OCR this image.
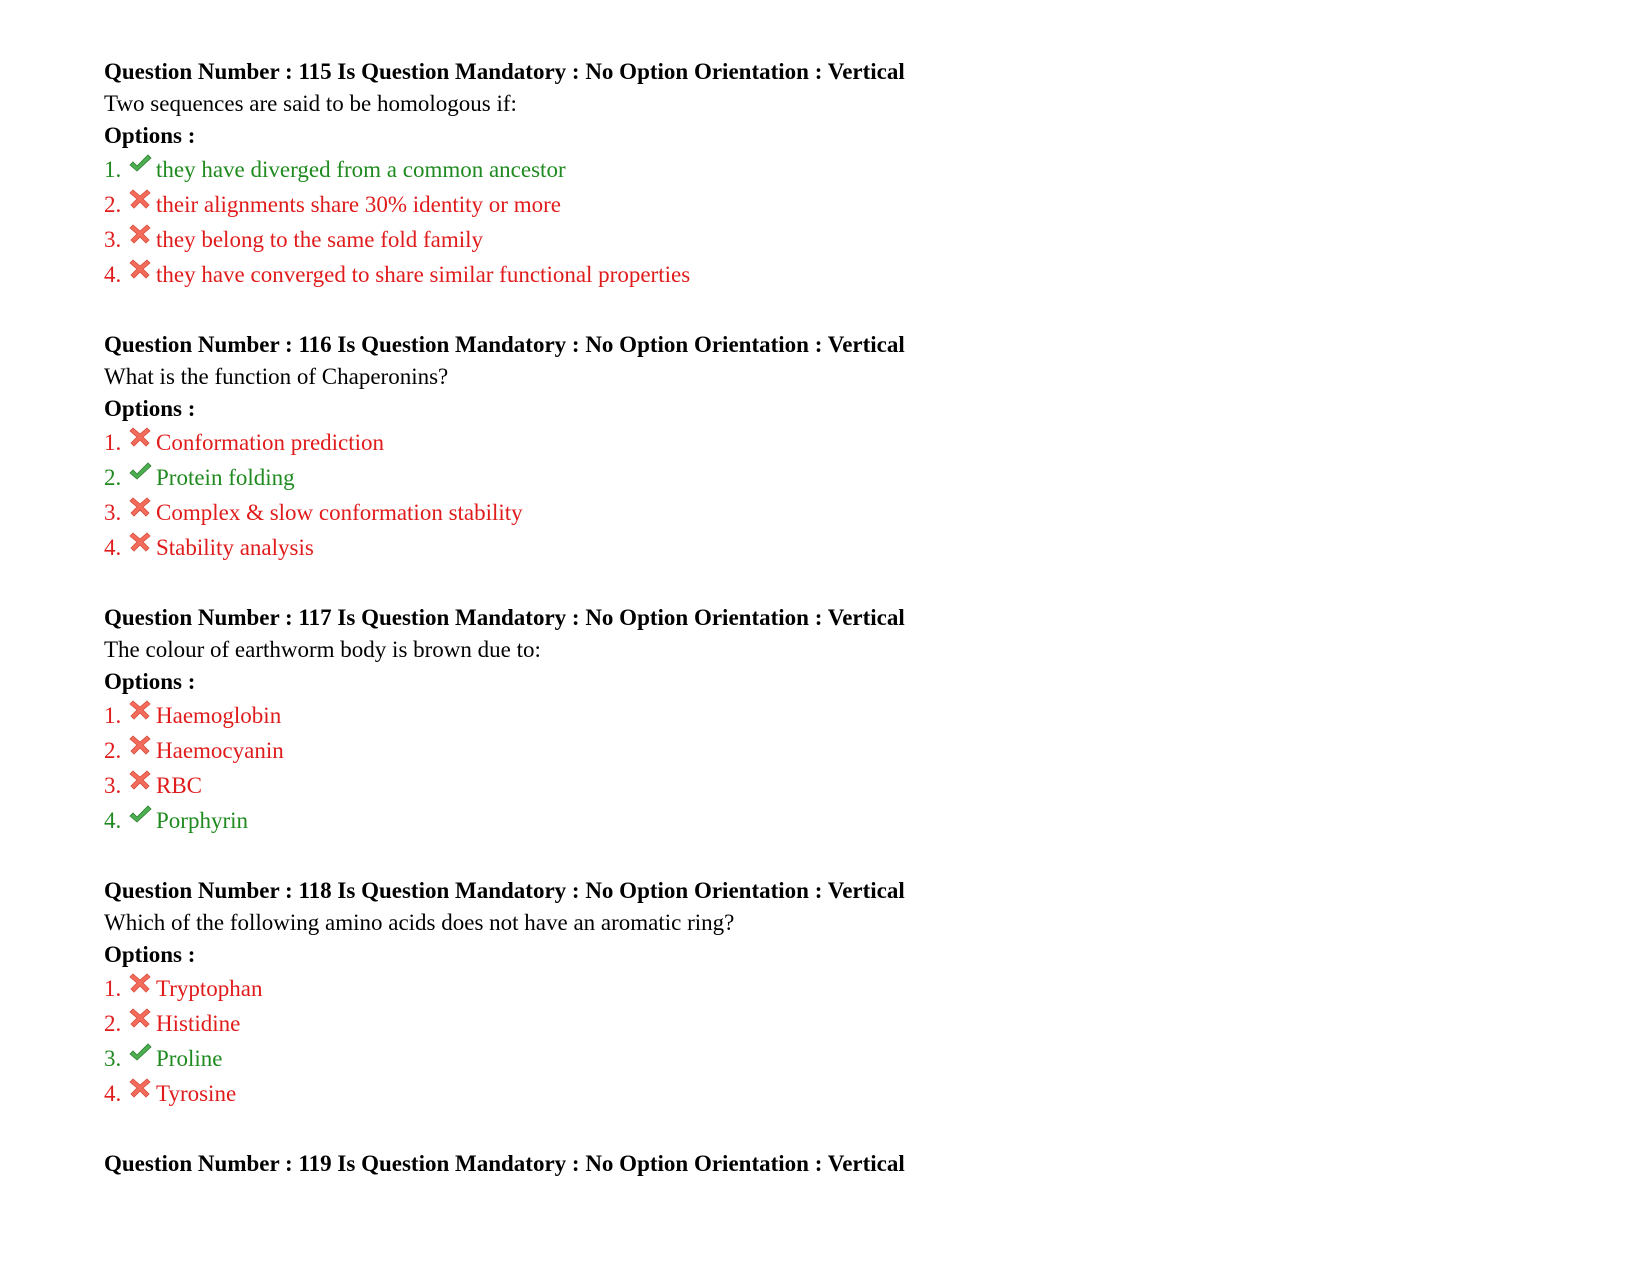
Question Number : 115 Is Question Mandatory : No Option Orientation : Vertical
Two sequences are said to be homologous if:
Options :
1. they have diverged from a common ancestor
2. their alignments share 30% identity or more
3. they belong to the same fold family
4. they have converged to share similar functional properties
Question Number : 116 Is Question Mandatory : No Option Orientation : Vertical
What is the function of Chaperonins?
Options :
1. Conformation prediction
2. Protein folding
3. Complex & slow conformation stability
4. Stability analysis
Question Number : 117 Is Question Mandatory : No Option Orientation : Vertical
The colour of earthworm body is brown due to:
Options :
1. Haemoglobin
2. Haemocyanin
3. RBC
4. Porphyrin
Question Number : 118 Is Question Mandatory : No Option Orientation : Vertical
Which of the following amino acids does not have an aromatic ring?
Options :
1. Tryptophan
2. Histidine
3. Proline
4. Tyrosine
Question Number : 119 Is Question Mandatory : No Option Orientation : Vertical
